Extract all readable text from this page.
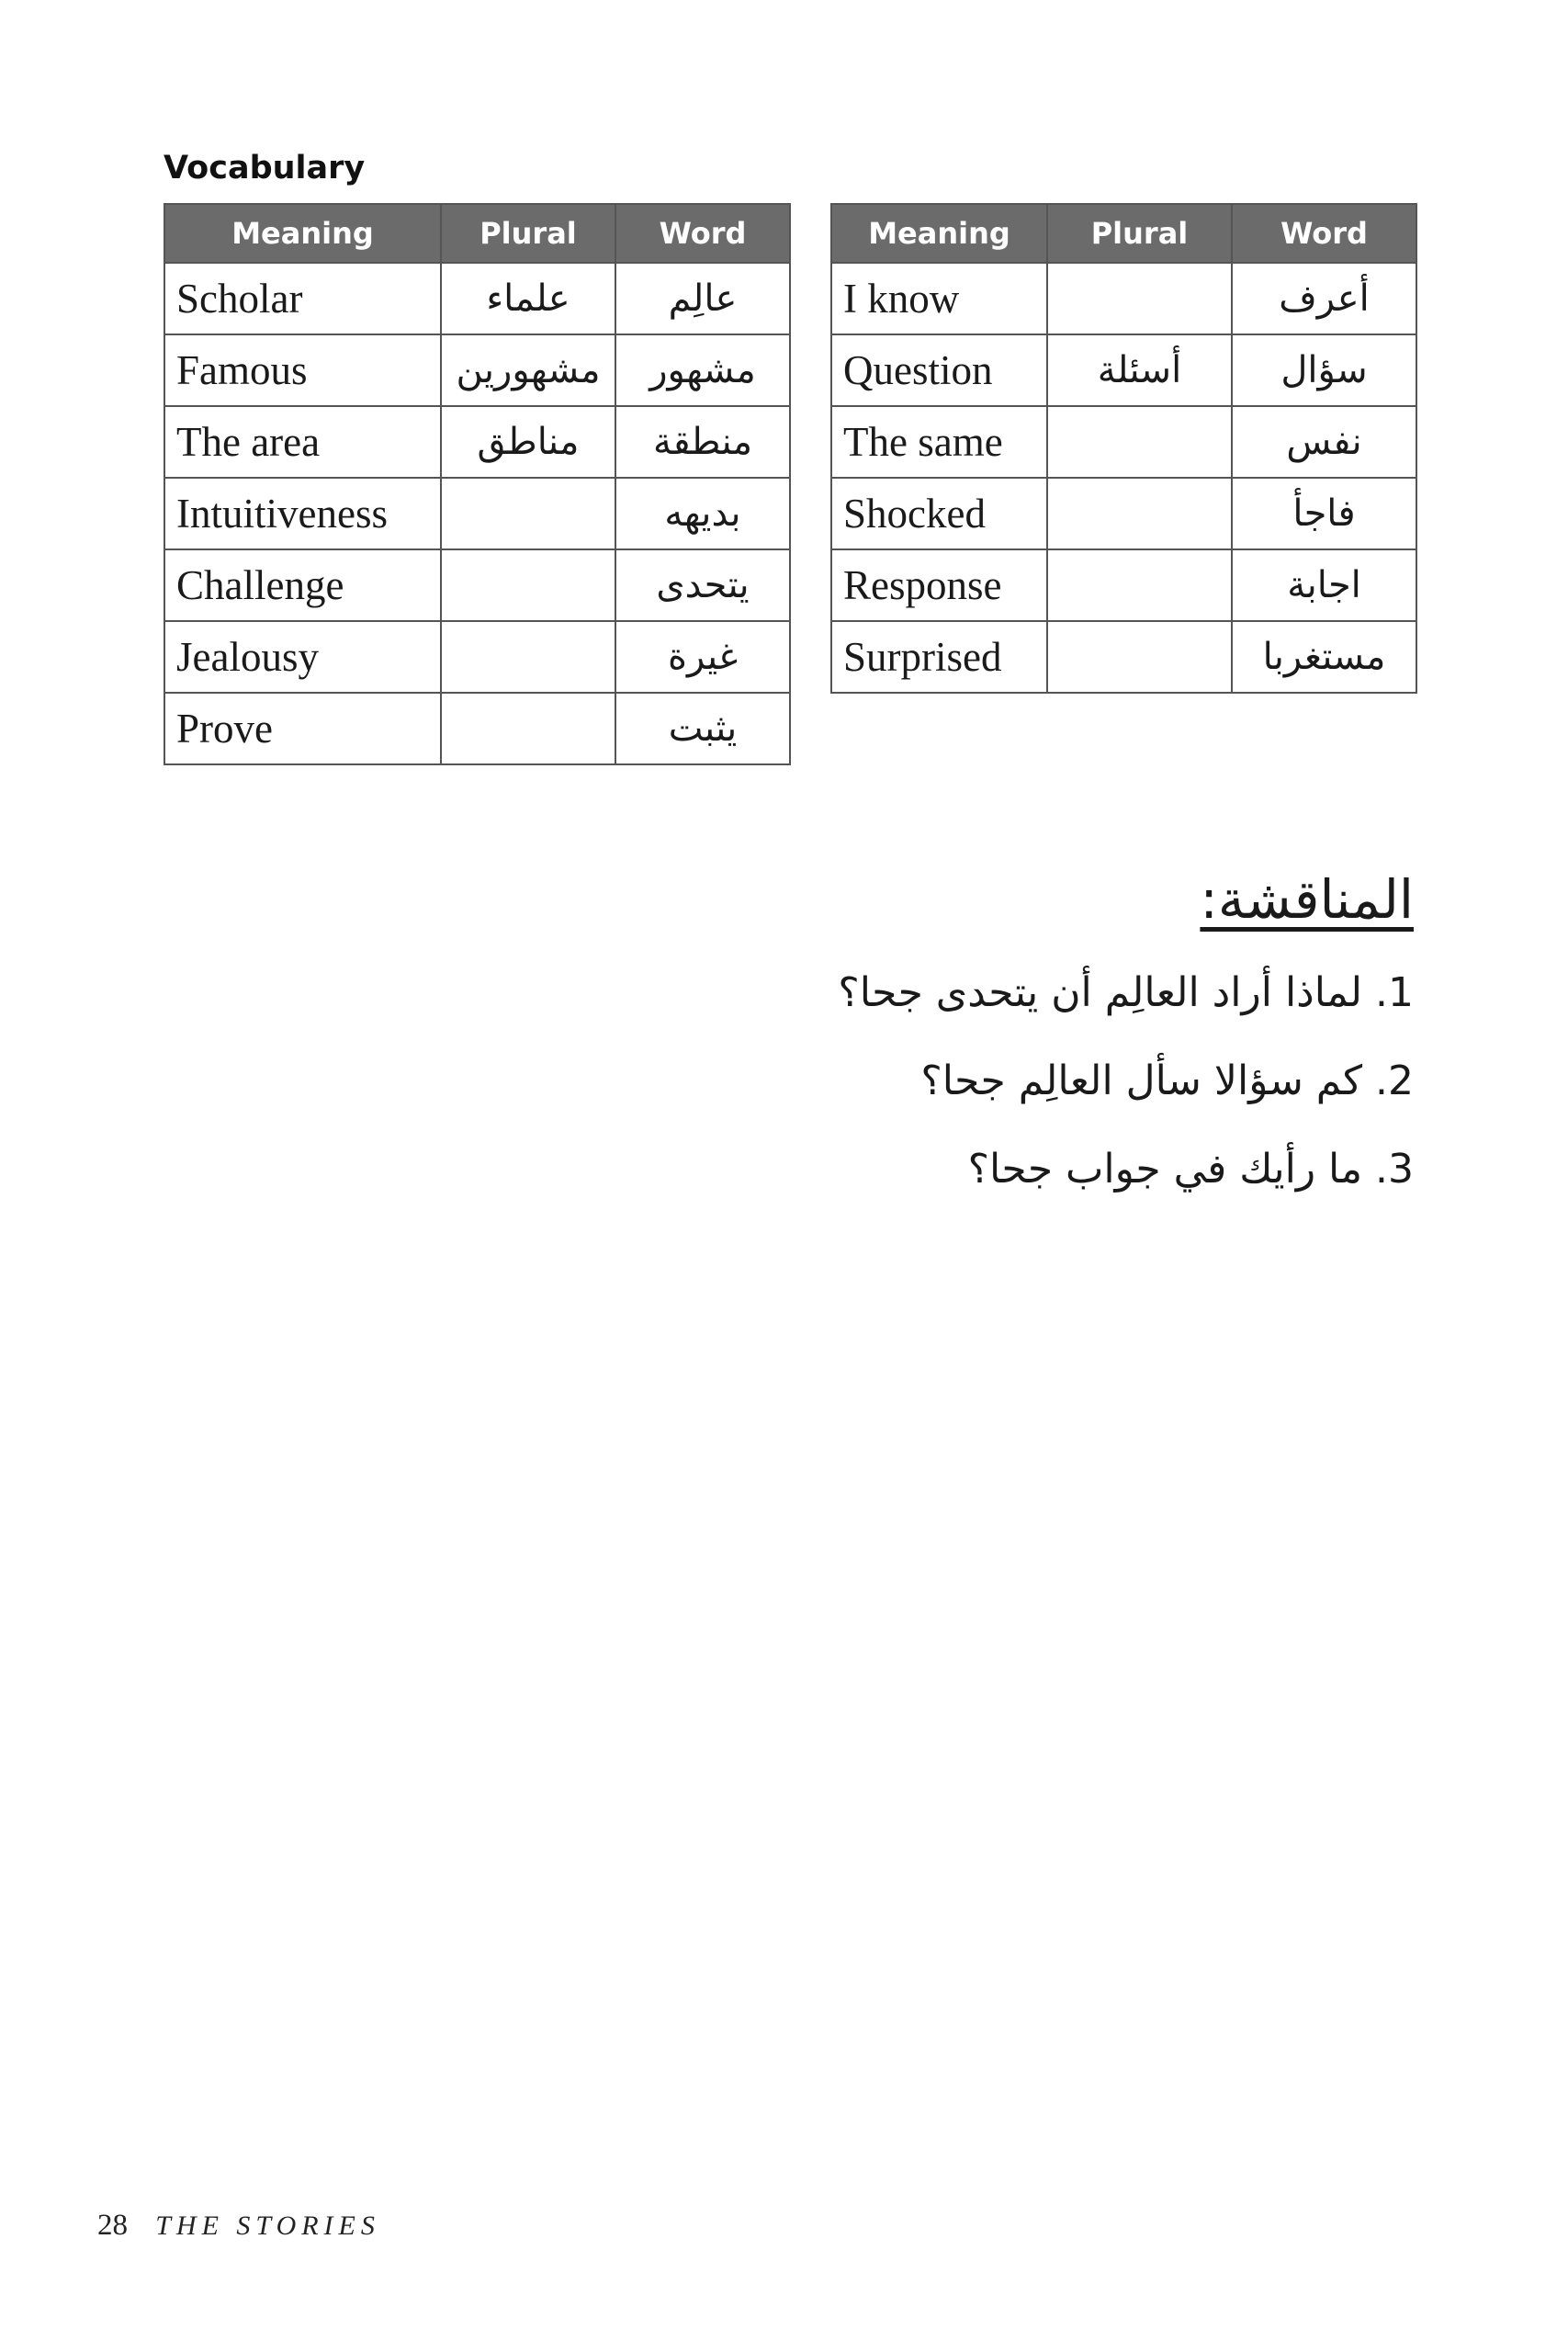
Vocabulary
Meaning	Plural	Word
Scholar	علماء	عالِم
Famous	مشهورين	مشهور
The area	مناطق	منطقة
Intuitiveness		بديهه
Challenge		يتحدى
Jealousy		غيرة
Prove		يثبت
Meaning	Plural	Word
I know		أعرف
Question	أسئلة	سؤال
The same		نفس
Shocked		فاجأ
Response		اجابة
Surprised		مستغربا
المناقشة:

1. لماذا أراد العالِم أن يتحدى جحا؟

2. كم سؤالا سأل العالِم جحا؟

3. ما رأيك في جواب جحا؟

28 THE STORIES
